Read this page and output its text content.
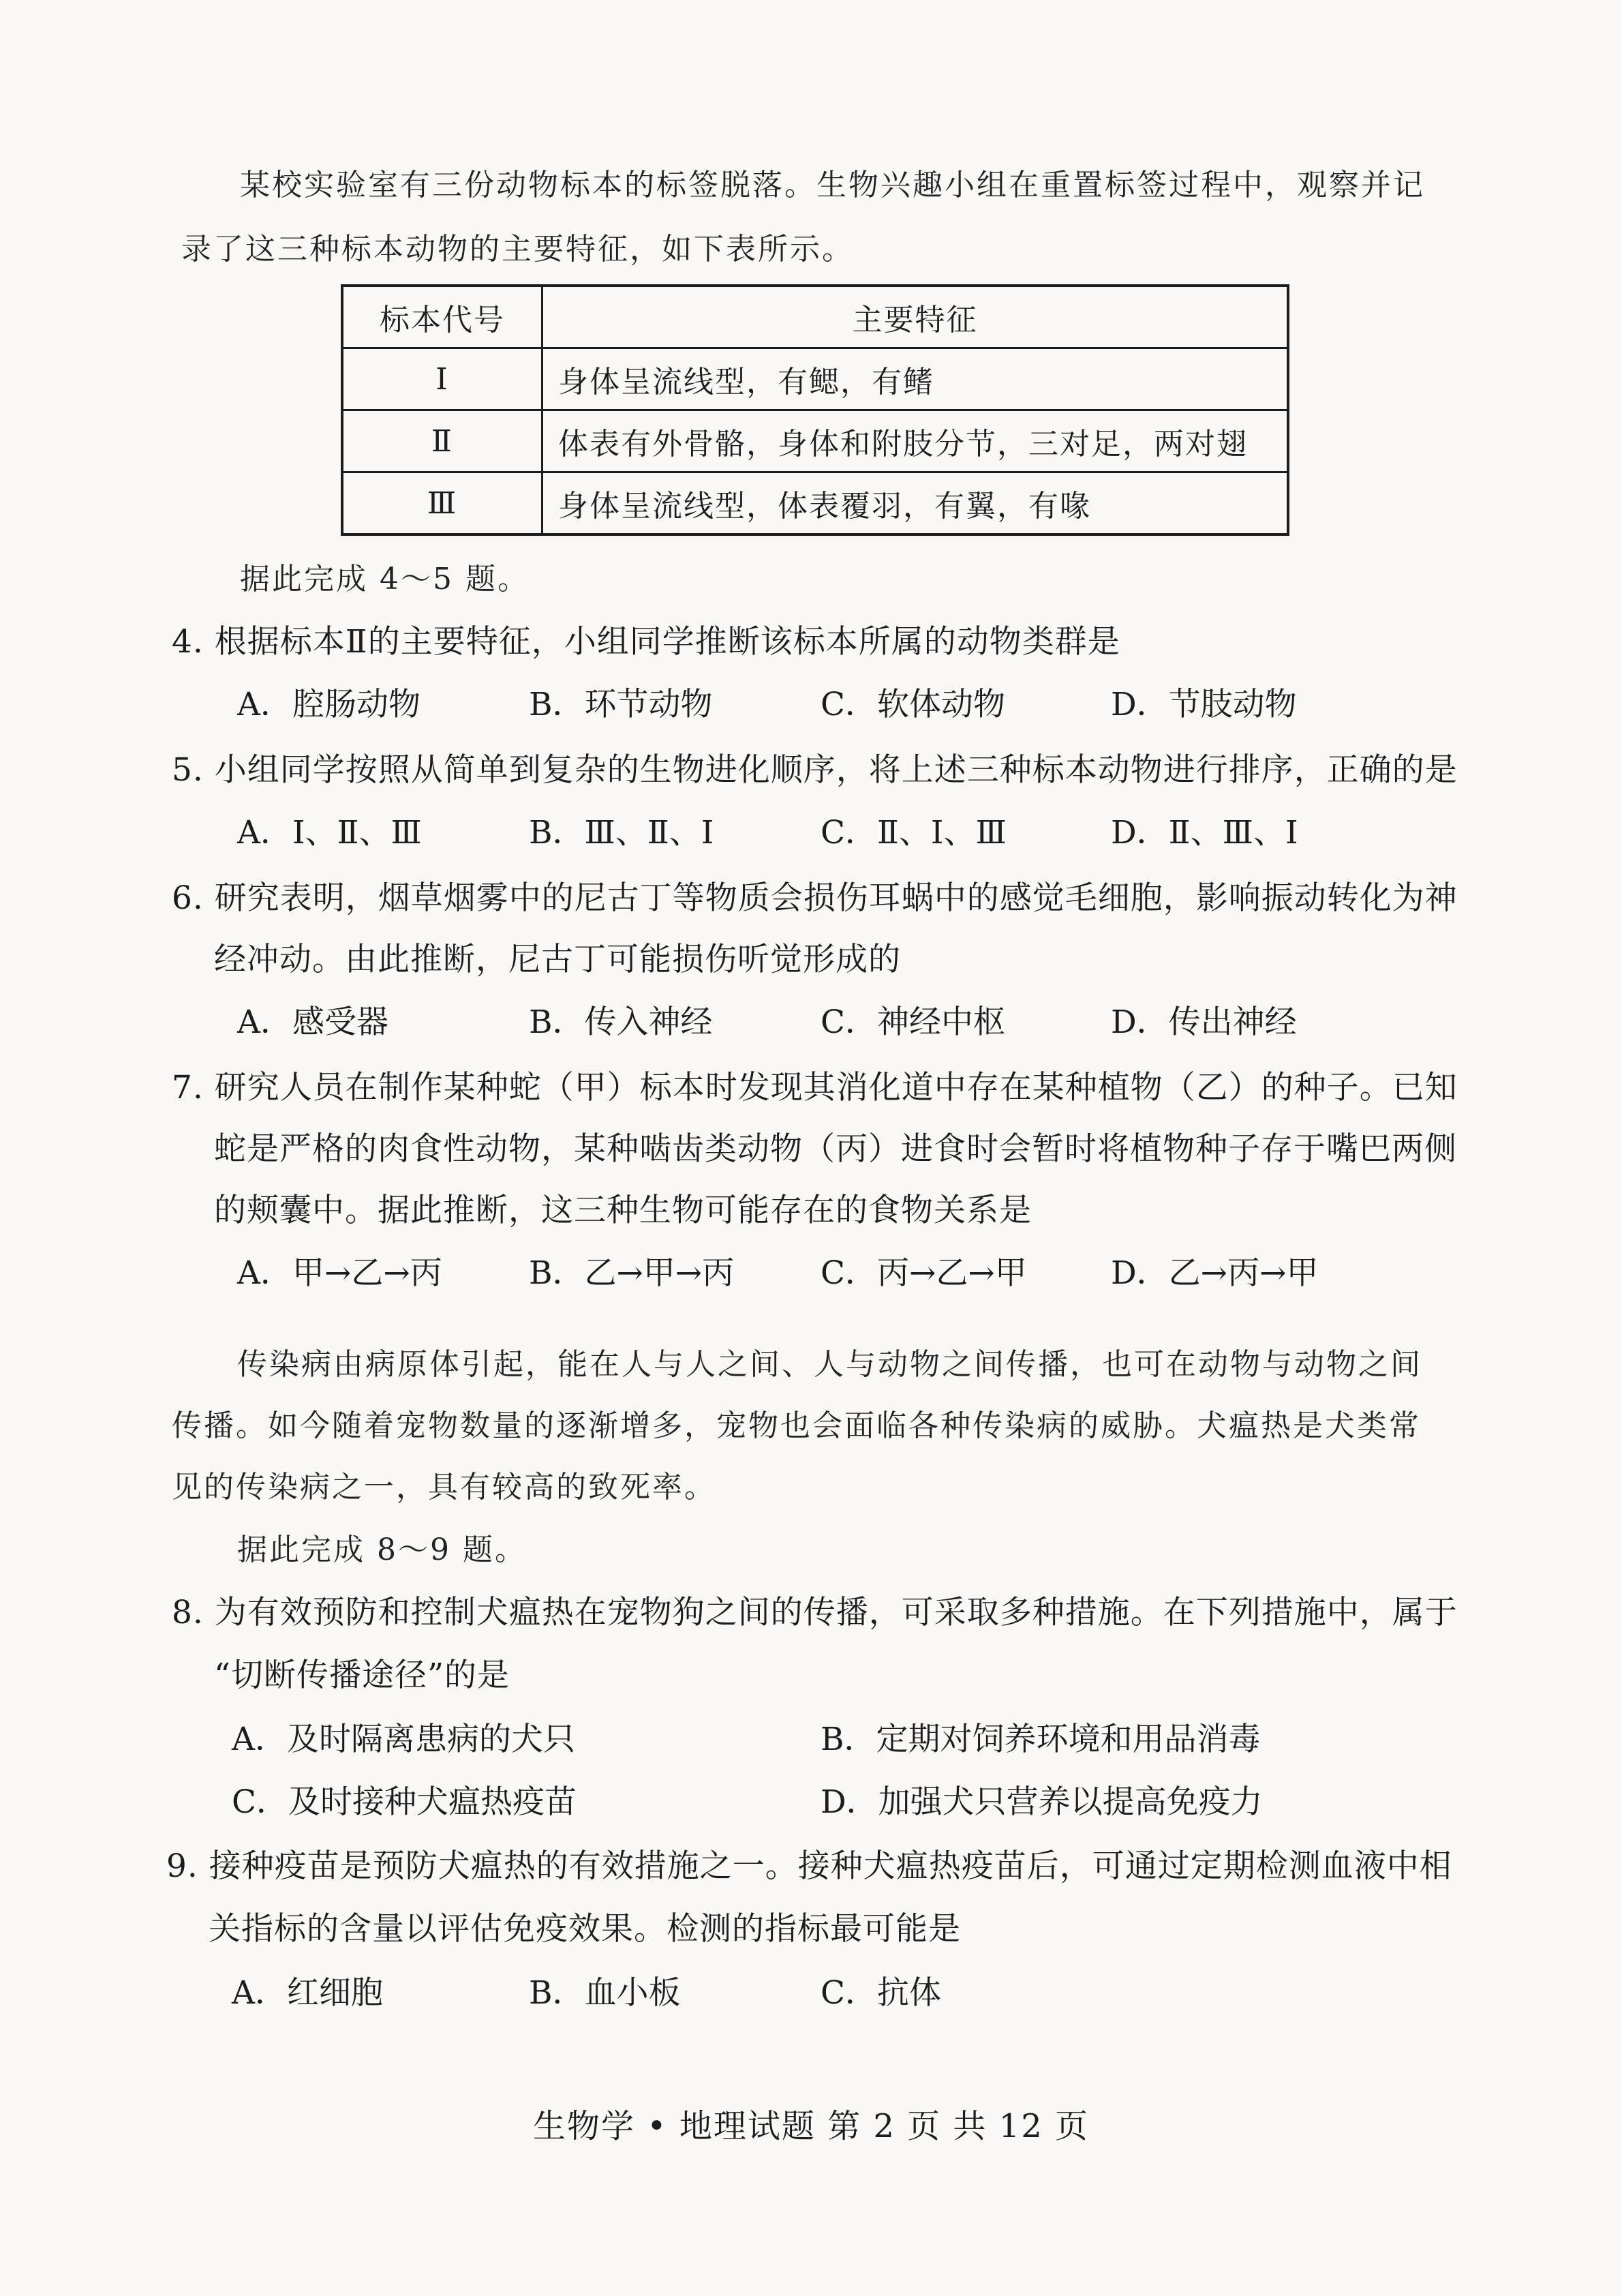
某校实验室有三份动物标本的标签脱落。生物兴趣小组在重置标签过程中，观察并记
录了这三种标本动物的主要特征，如下表所示。
标本代号	主要特征
Ⅰ	身体呈流线型，有鳃，有鳍
Ⅱ	体表有外骨骼，身体和附肢分节，三对足，两对翅
Ⅲ	身体呈流线型，体表覆羽，有翼，有喙
据此完成 4～5 题。
4. 根据标本Ⅱ的主要特征，小组同学推断该标本所属的动物类群是
A．腔肠动物	B．环节动物	C．软体动物	D．节肢动物
5. 小组同学按照从简单到复杂的生物进化顺序，将上述三种标本动物进行排序，正确的是
A．Ⅰ、Ⅱ、Ⅲ	B．Ⅲ、Ⅱ、Ⅰ	C．Ⅱ、Ⅰ、Ⅲ	D．Ⅱ、Ⅲ、Ⅰ
6. 研究表明，烟草烟雾中的尼古丁等物质会损伤耳蜗中的感觉毛细胞，影响振动转化为神
经冲动。由此推断，尼古丁可能损伤听觉形成的
A．感受器	B．传入神经	C．神经中枢	D．传出神经
7. 研究人员在制作某种蛇（甲）标本时发现其消化道中存在某种植物（乙）的种子。已知
蛇是严格的肉食性动物，某种啮齿类动物（丙）进食时会暂时将植物种子存于嘴巴两侧
的颊囊中。据此推断，这三种生物可能存在的食物关系是
A．甲→乙→丙	B．乙→甲→丙	C．丙→乙→甲	D．乙→丙→甲
传染病由病原体引起，能在人与人之间、人与动物之间传播，也可在动物与动物之间
传播。如今随着宠物数量的逐渐增多，宠物也会面临各种传染病的威胁。犬瘟热是犬类常
见的传染病之一，具有较高的致死率。
据此完成 8～9 题。
8. 为有效预防和控制犬瘟热在宠物狗之间的传播，可采取多种措施。在下列措施中，属于
“切断传播途径”的是
A．及时隔离患病的犬只	B．定期对饲养环境和用品消毒
C．及时接种犬瘟热疫苗	D．加强犬只营养以提高免疫力
9. 接种疫苗是预防犬瘟热的有效措施之一。接种犬瘟热疫苗后，可通过定期检测血液中相
关指标的含量以评估免疫效果。检测的指标最可能是
A．红细胞	B．血小板	C．抗体
生物学 • 地理试题 第 2 页 共 12 页
